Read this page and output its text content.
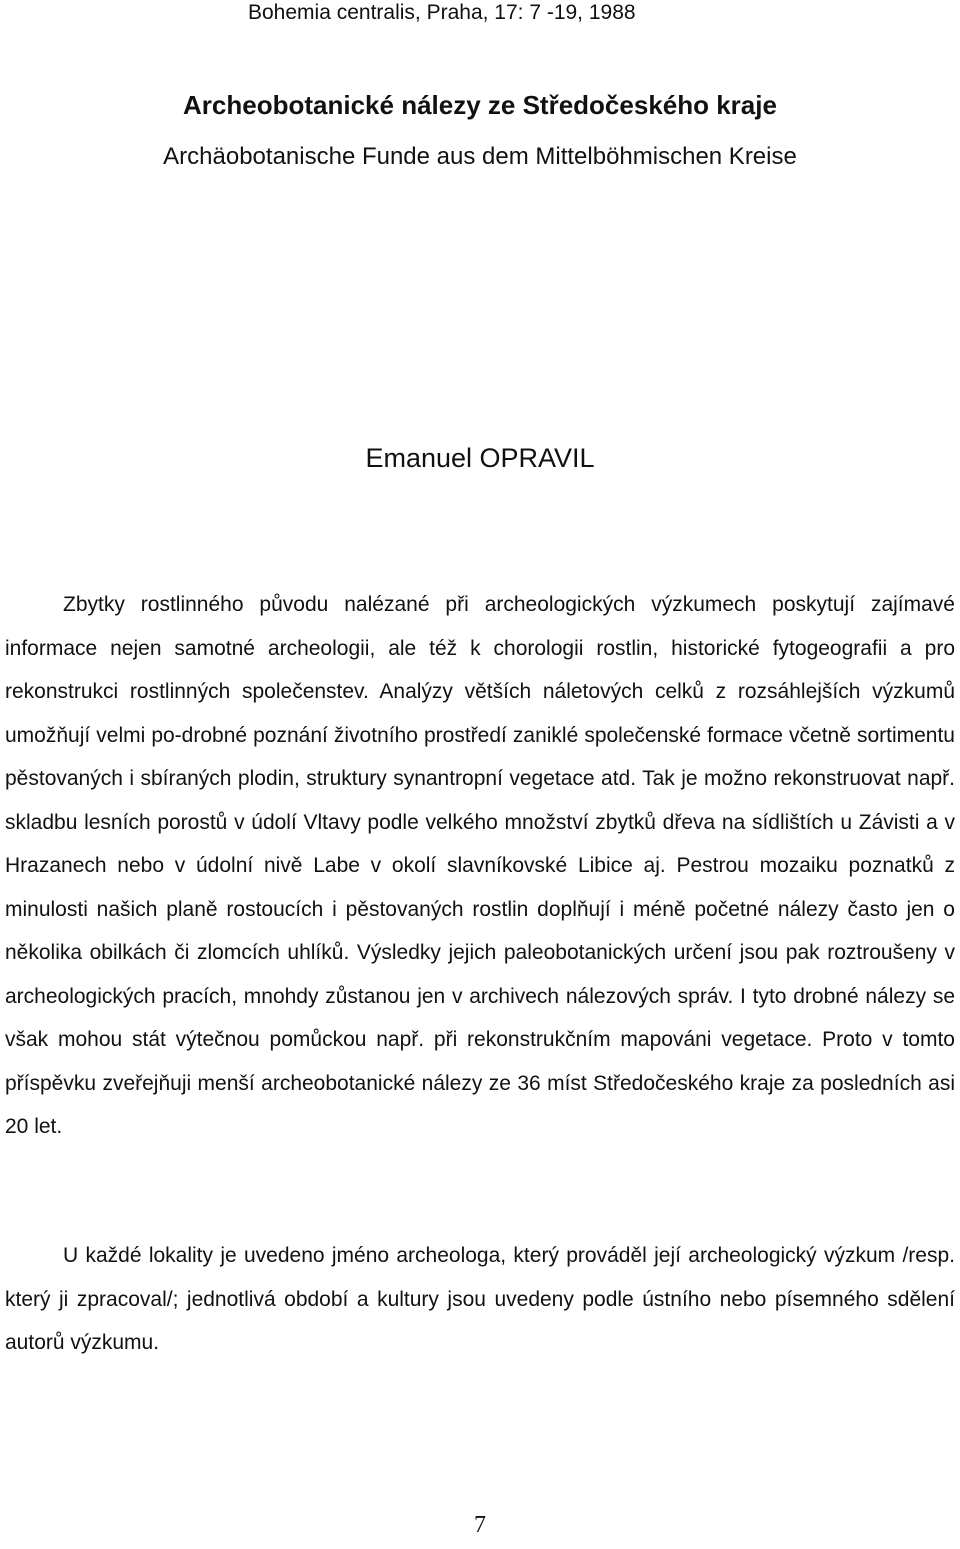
Bohemia centralis, Praha, 17: 7 -19, 1988
Archeobotanické nálezy ze Středočeského kraje
Archäobotanische Funde aus dem Mittelböhmischen Kreise
Emanuel OPRAVIL

Zbytky rostlinného původu nalézané při archeologických výzkumech poskytují zajímavé informace nejen samotné archeologii, ale též k chorologii rostlin, historické fytogeografii a pro rekonstrukci rostlinných společenstev. Analýzy větších náletových celků z rozsáhlejších výzkumů umožňují velmi po-drobné poznání životního prostředí zaniklé společenské formace včetně sortimentu pěstovaných i sbíraných plodin, struktury synantropní vegetace atd. Tak je možno rekonstruovat např. skladbu lesních porostů v údolí Vltavy podle velkého množství zbytků dřeva na sídlištích u Závisti a v Hrazanech nebo v údolní nivě Labe v okolí slavníkovské Libice aj. Pestrou mozaiku poznatků z minulosti našich planě rostoucích i pěstovaných rostlin doplňují i méně početné nálezy často jen o několika obilkách či zlomcích uhlíků. Výsledky jejich paleobotanických určení jsou pak roztroušeny v archeologických pracích, mnohdy zůstanou jen v archivech nálezových správ. I tyto drobné nálezy se však mohou stát výtečnou pomůckou např. při rekonstrukčním mapováni vegetace. Proto v tomto příspěvku zveřejňuji menší archeobotanické nálezy ze 36 míst Středočeského kraje za posledních asi 20 let.

U každé lokality je uvedeno jméno archeologa, který prováděl její archeologický výzkum /resp. který ji zpracoval/; jednotlivá období a kultury jsou uvedeny podle ústního nebo písemného sdělení autorů výzkumu.

7
